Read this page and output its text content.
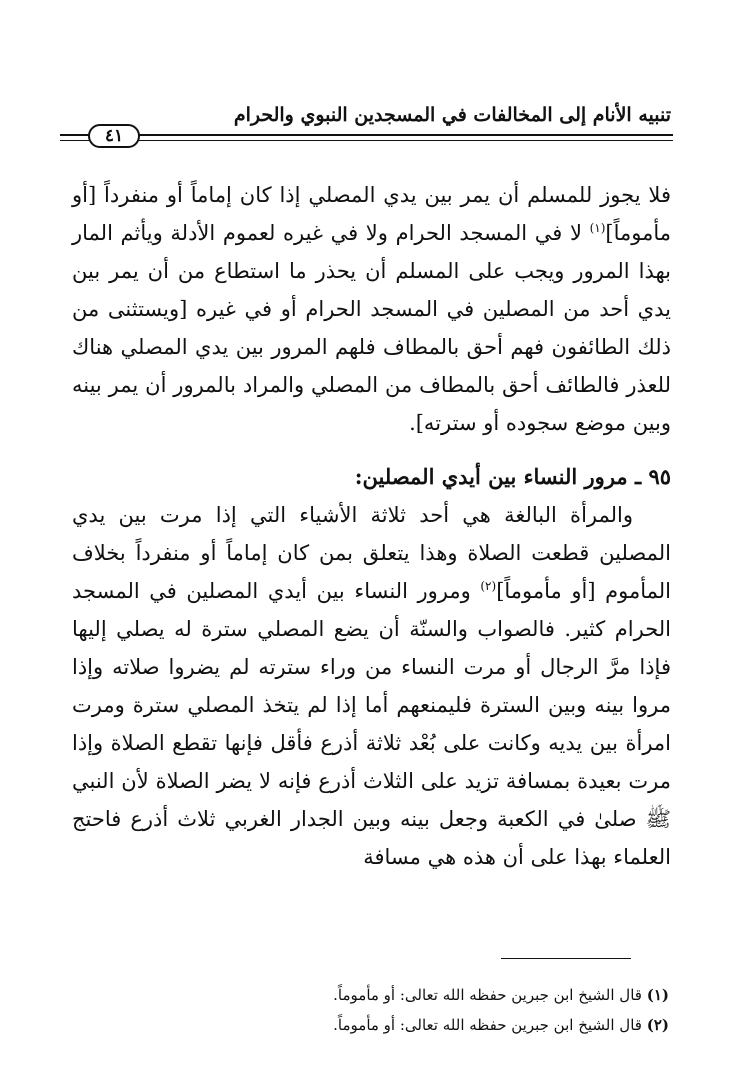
تنبيه الأنام إلى المخالفات في المسجدين النبوي والحرام
٤١

فلا يجوز للمسلم أن يمر بين يدي المصلي إذا كان إماماً أو منفرداً [أو مأموماً]$^{(١)}$ لا في المسجد الحرام ولا في غيره لعموم الأدلة ويأثم المار بهذا المرور ويجب على المسلم أن يحذر ما استطاع من أن يمر بين يدي أحد من المصلين في المسجد الحرام أو في غيره [ويستثنى من ذلك الطائفون فهم أحق بالمطاف فلهم المرور بين يدي المصلي هناك للعذر فالطائف أحق بالمطاف من المصلي والمراد بالمرور أن يمر بينه وبين موضع سجوده أو سترته].

٩٥ ـ مرور النساء بين أيدي المصلين:

والمرأة البالغة هي أحد ثلاثة الأشياء التي إذا مرت بين يدي المصلين قطعت الصلاة وهذا يتعلق بمن كان إماماً أو منفرداً بخلاف المأموم [أو مأموماً]$^{(٢)}$ ومرور النساء بين أيدي المصلين في المسجد الحرام كثير. فالصواب والسنّة أن يضع المصلي سترة له يصلي إليها فإذا مرَّ الرجال أو مرت النساء من وراء سترته لم يضروا صلاته وإذا مروا بينه وبين السترة فليمنعهم أما إذا لم يتخذ المصلي سترة ومرت امرأة بين يديه وكانت على بُعْد ثلاثة أذرع فأقل فإنها تقطع الصلاة وإذا مرت بعيدة بمسافة تزيد على الثلاث أذرع فإنه لا يضر الصلاة لأن النبي ﷺ صلىٰ في الكعبة وجعل بينه وبين الجدار الغربي ثلاث أذرع فاحتج العلماء بهذا على أن هذه هي مسافة

(١) قال الشيخ ابن جبرين حفظه الله تعالى: أو مأموماً.

(٢) قال الشيخ ابن جبرين حفظه الله تعالى: أو مأموماً.
